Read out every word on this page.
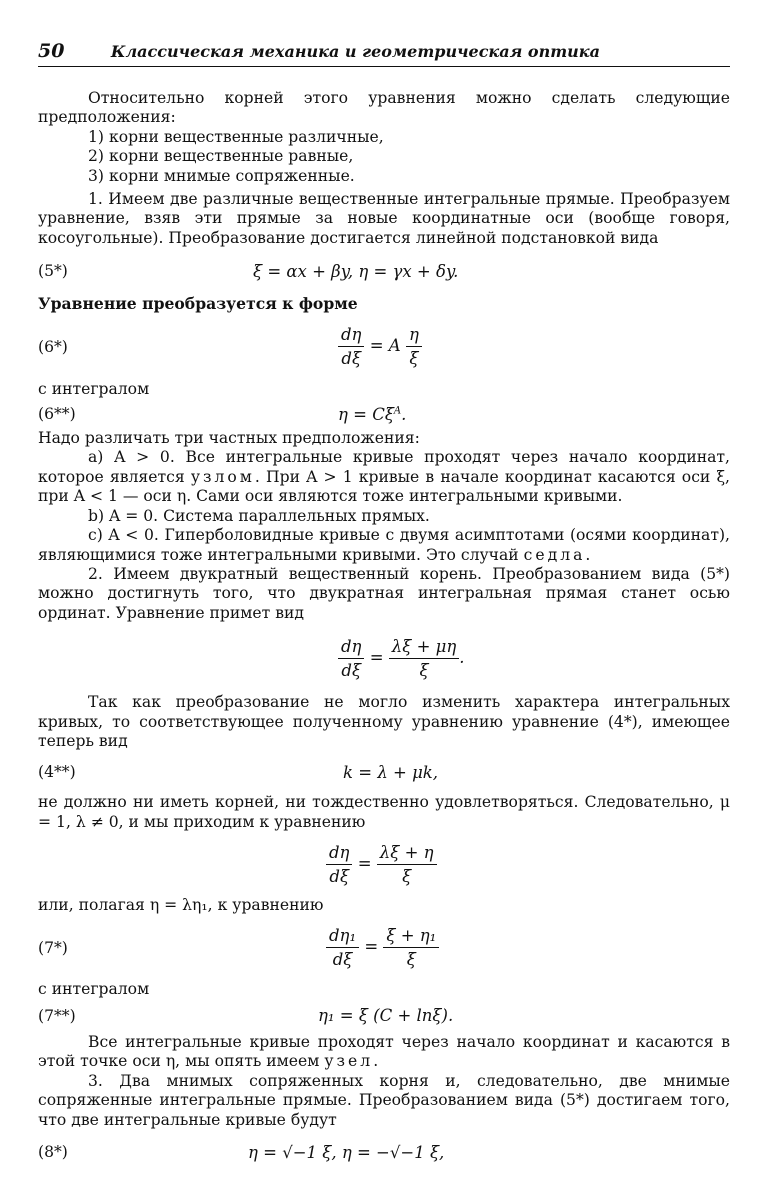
50	Классическая механика и геометрическая оптика

Относительно корней этого уравнения можно сделать следующие предположения:

1) корни вещественные различные,

2) корни вещественные равные,

3) корни мнимые сопряженные.

1. Имеем две различные вещественные интегральные прямые. Преобразуем уравнение, взяв эти прямые за новые координатные оси (вообще говоря, косоугольные). Преобразование достигается линейной подстановкой вида

(5*)	ξ = αx + βy, η = γx + δy.

Уравнение преобразуется к форме

(6*)	$\frac{d\eta}{d\xi} = A \frac{\eta}{\xi}$

с интегралом

(6**)	$\eta = C\xi^A$.

Надо различать три частных предположения:

а) A > 0. Все интегральные кривые проходят через начало координат, которое является узлом. При A > 1 кривые в начале координат касаются оси ξ, при A < 1 — оси η. Сами оси являются тоже интегральными кривыми.

b) A = 0. Система параллельных прямых.

c) A < 0. Гиперболовидные кривые с двумя асимптотами (осями координат), являющимися тоже интегральными кривыми. Это случай седла.

2. Имеем двукратный вещественный корень. Преобразованием вида (5*) можно достигнуть того, что двукратная интегральная прямая станет осью ординат. Уравнение примет вид

$\frac{d\eta}{d\xi} = \frac{\lambda\xi + \mu\eta}{\xi}$ .

Так как преобразование не могло изменить характера интегральных кривых, то соответствующее полученному уравнению уравнение (4*), имеющее теперь вид

(4**)	k = λ + μk,

не должно ни иметь корней, ни тождественно удовлетворяться. Следовательно, μ = 1, λ ≠ 0, и мы приходим к уравнению

$\frac{d\eta}{d\xi} = \frac{\lambda\xi + \eta}{\xi}$

или, полагая η = λη₁, к уравнению

(7*)	$\frac{\text{dη₁}}{d\xi} = \frac{\text{ξ + η₁}}{\xi}$

с интегралом

(7**)	η₁ = ξ (C + lnξ).

Все интегральные кривые проходят через начало координат и касаются в этой точке оси η, мы опять имеем узел.

3. Два мнимых сопряженных корня и, следовательно, две мнимые сопряженные интегральные прямые. Преобразованием вида (5*) достигаем того, что две интегральные кривые будут

(8*)	η = √−1 ξ, η = −√−1 ξ,
